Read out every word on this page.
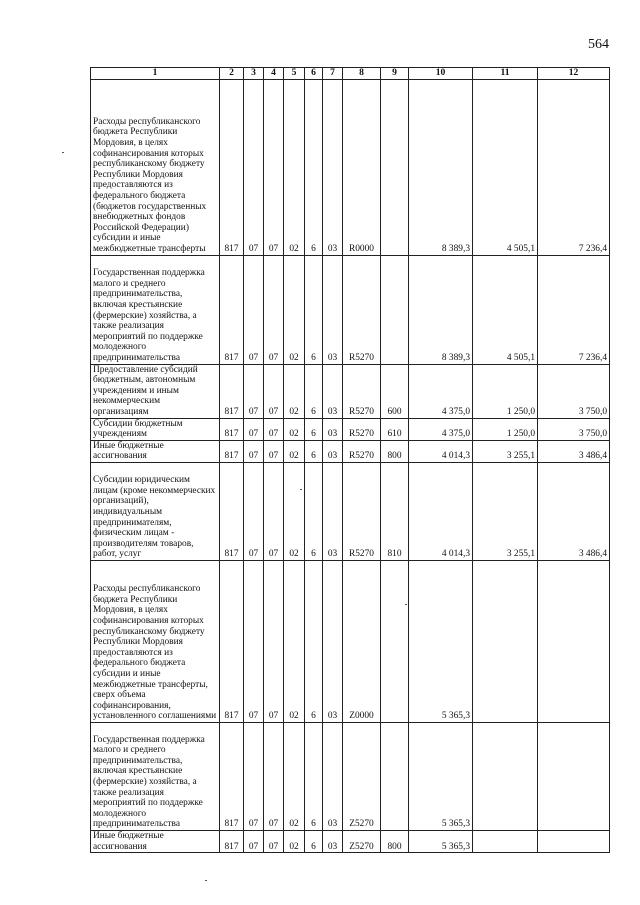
564
1	2	3	4	5	6	7	8	9	10	11	12
Расходы республиканского бюджета Республики Мордовия, в целях софинансирования которых республиканскому бюджету Республики Мордовия предоставляются из федерального бюджета (бюджетов государственных внебюджетных фондов Российской Федерации) субсидии и иные межбюджетные трансферты	817	07	07	02	6	03	R0000		8 389,3	4 505,1	7 236,4
Государственная поддержка малого и среднего предпринимательства, включая крестьянские (фермерские) хозяйства, а также реализация мероприятий по поддержке молодежного предпринимательства	817	07	07	02	6	03	R5270		8 389,3	4 505,1	7 236,4
Предоставление субсидий бюджетным, автономным учреждениям и иным некоммерческим организациям	817	07	07	02	6	03	R5270	600	4 375,0	1 250,0	3 750,0
Субсидии бюджетным учреждениям	817	07	07	02	6	03	R5270	610	4 375,0	1 250,0	3 750,0
Иные бюджетные ассигнования	817	07	07	02	6	03	R5270	800	4 014,3	3 255,1	3 486,4
Субсидии юридическим лицам (кроме некоммерческих организаций), индивидуальным предпринимателям, физическим лицам - производителям товаров, работ, услуг	817	07	07	02	6	03	R5270	810	4 014,3	3 255,1	3 486,4
Расходы республиканского бюджета Республики Мордовия, в целях софинансирования которых республиканскому бюджету Республики Мордовия предоставляются из федерального бюджета субсидии и иные межбюджетные трансферты, сверх объема софинансирования, установленного соглашениями	817	07	07	02	6	03	Z0000		5 365,3		
Государственная поддержка малого и среднего предпринимательства, включая крестьянские (фермерские) хозяйства, а также реализация мероприятий по поддержке молодежного предпринимательства	817	07	07	02	6	03	Z5270		5 365,3		
Иные бюджетные ассигнования	817	07	07	02	6	03	Z5270	800	5 365,3		
